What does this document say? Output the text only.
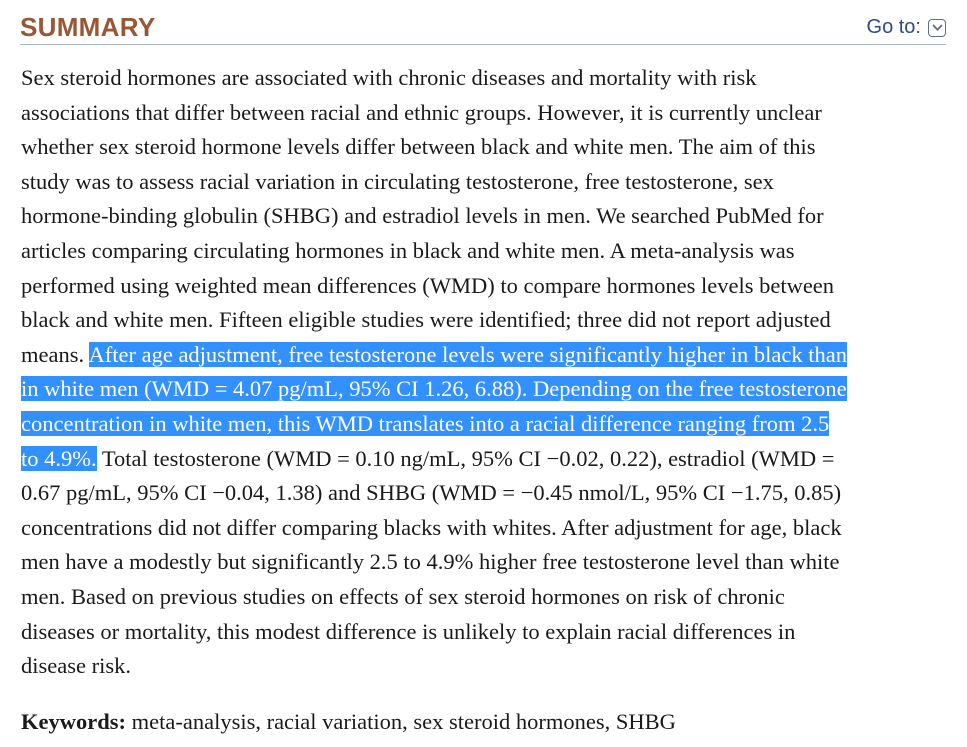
SUMMARY	Go to:

Sex steroid hormones are associated with chronic diseases and mortality with risk
associations that differ between racial and ethnic groups. However, it is currently unclear
whether sex steroid hormone levels differ between black and white men. The aim of this
study was to assess racial variation in circulating testosterone, free testosterone, sex
hormone-binding globulin (SHBG) and estradiol levels in men. We searched PubMed for
articles comparing circulating hormones in black and white men. A meta-analysis was
performed using weighted mean differences (WMD) to compare hormones levels between
black and white men. Fifteen eligible studies were identified; three did not report adjusted
means. After age adjustment, free testosterone levels were significantly higher in black than
in white men (WMD = 4.07 pg/mL, 95% CI 1.26, 6.88). Depending on the free testosterone
concentration in white men, this WMD translates into a racial difference ranging from 2.5
to 4.9%. Total testosterone (WMD = 0.10 ng/mL, 95% CI −0.02, 0.22), estradiol (WMD =
0.67 pg/mL, 95% CI −0.04, 1.38) and SHBG (WMD = −0.45 nmol/L, 95% CI −1.75, 0.85)
concentrations did not differ comparing blacks with whites. After adjustment for age, black
men have a modestly but significantly 2.5 to 4.9% higher free testosterone level than white
men. Based on previous studies on effects of sex steroid hormones on risk of chronic
diseases or mortality, this modest difference is unlikely to explain racial differences in
disease risk.

Keywords: meta-analysis, racial variation, sex steroid hormones, SHBG
